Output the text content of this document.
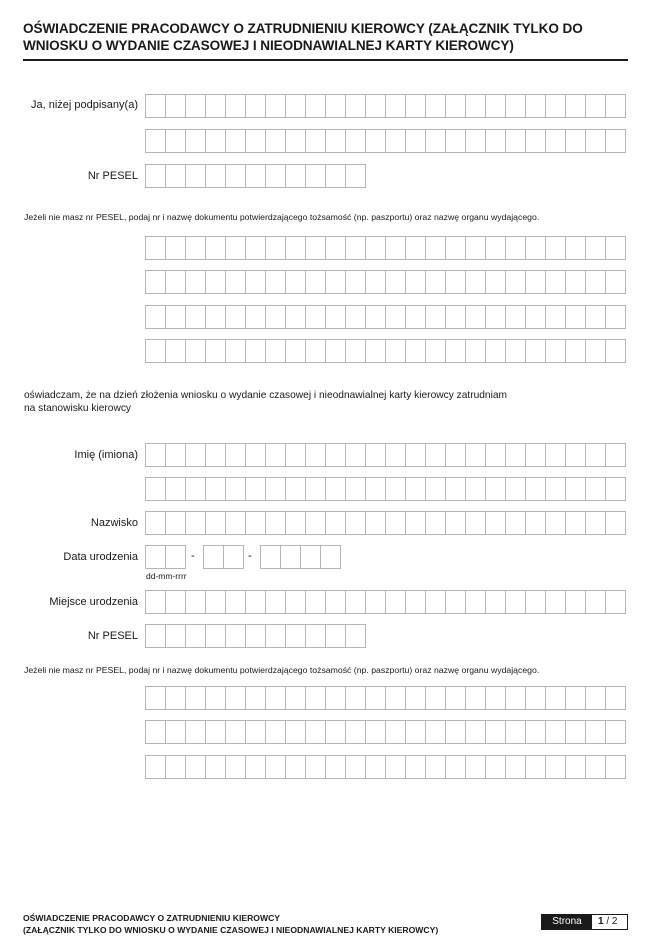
OŚWIADCZENIE PRACODAWCY O ZATRUDNIENIU KIEROWCY (ZAŁĄCZNIK TYLKO DO WNIOSKU O WYDANIE CZASOWEJ I NIEODNAWIALNEJ KARTY KIEROWCY)
Ja, niżej podpisany(a)
Nr PESEL
Jeżeli nie masz nr PESEL, podaj nr i nazwę dokumentu potwierdzającego tożsamość (np. paszportu) oraz nazwę organu wydającego.
oświadczam, że na dzień złożenia wniosku o wydanie czasowej i nieodnawialnej karty kierowcy zatrudniam
na stanowisku kierowcy
Imię (imiona)
Nazwisko
Data urodzenia	-	-
dd-mm-rrrr
Miejsce urodzenia
Nr PESEL
Jeżeli nie masz nr PESEL, podaj nr i nazwę dokumentu potwierdzającego tożsamość (np. paszportu) oraz nazwę organu wydającego.
OŚWIADCZENIE PRACODAWCY O ZATRUDNIENIU KIEROWCY
(ZAŁĄCZNIK TYLKO DO WNIOSKU O WYDANIE CZASOWEJ I NIEODNAWIALNEJ KARTY KIEROWCY)
Strona	1 / 2
